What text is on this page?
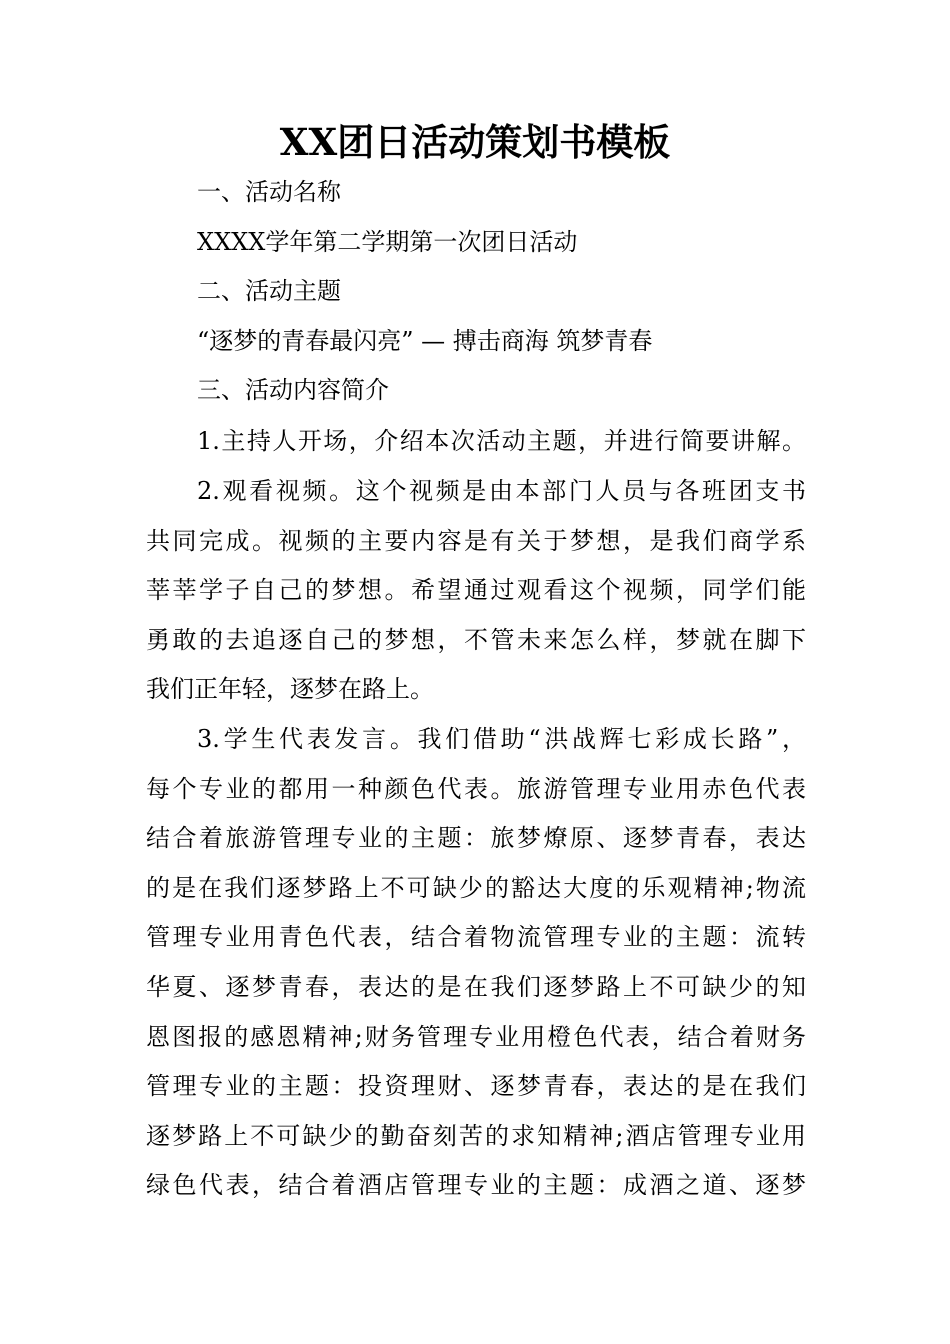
XX团日活动策划书模板
一、活动名称
XXXX学年第二学期第一次团日活动
二、活动主题
“逐梦的青春最闪亮” — 搏击商海 筑梦青春
三、活动内容简介
1.主持人开场，介绍本次活动主题，并进行简要讲解。
2.观看视频。这个视频是由本部门人员与各班团支书
共同完成。视频的主要内容是有关于梦想，是我们商学系
莘莘学子自己的梦想。希望通过观看这个视频，同学们能
勇敢的去追逐自己的梦想，不管未来怎么样，梦就在脚下
我们正年轻，逐梦在路上。
3.学生代表发言。我们借助“洪战辉七彩成长路”，
每个专业的都用一种颜色代表。旅游管理专业用赤色代表
结合着旅游管理专业的主题：旅梦燎原、逐梦青春，表达
的是在我们逐梦路上不可缺少的豁达大度的乐观精神;物流
管理专业用青色代表，结合着物流管理专业的主题：流转
华夏、逐梦青春，表达的是在我们逐梦路上不可缺少的知
恩图报的感恩精神;财务管理专业用橙色代表，结合着财务
管理专业的主题：投资理财、逐梦青春，表达的是在我们
逐梦路上不可缺少的勤奋刻苦的求知精神;酒店管理专业用
绿色代表，结合着酒店管理专业的主题：成酒之道、逐梦
